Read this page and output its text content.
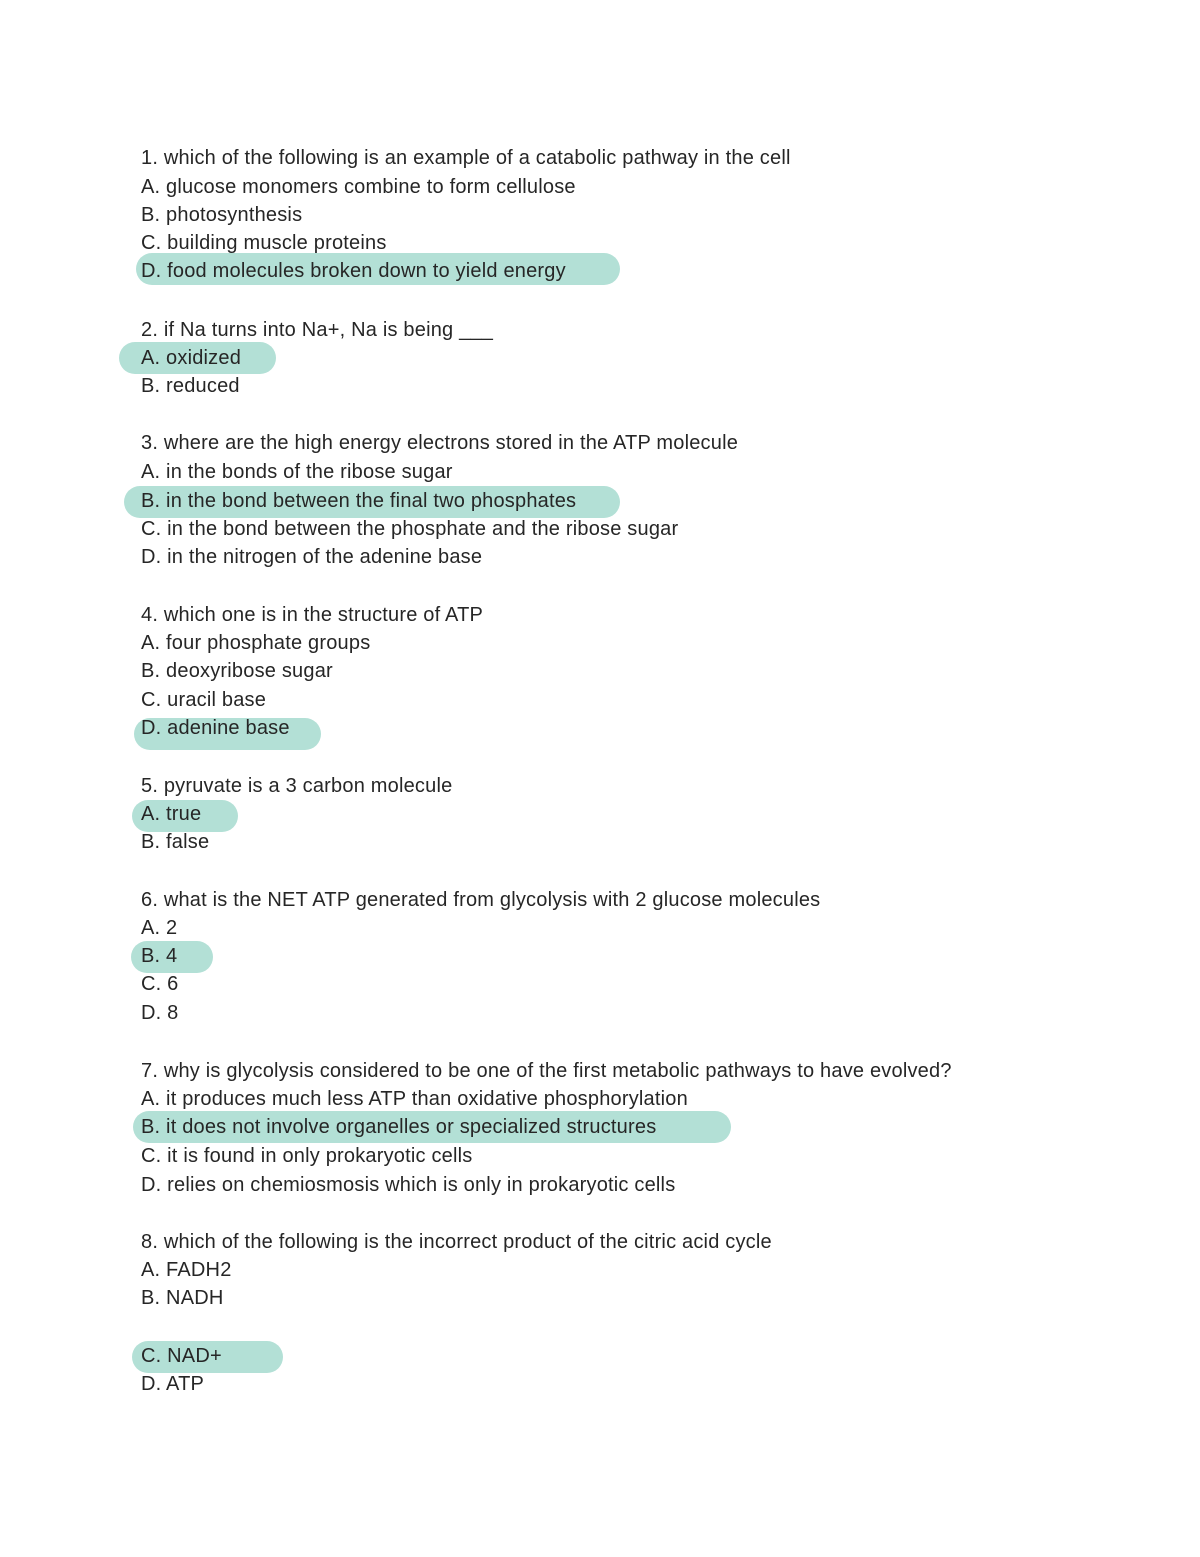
1. which of the following is an example of a catabolic pathway in the cell
A. glucose monomers combine to form cellulose
B. photosynthesis
C. building muscle proteins
D. food molecules broken down to yield energy
2. if Na turns into Na+, Na is being ___
A. oxidized
B. reduced
3. where are the high energy electrons stored in the ATP molecule
A. in the bonds of the ribose sugar
B. in the bond between the final two phosphates
C. in the bond between the phosphate and the ribose sugar
D. in the nitrogen of the adenine base
4. which one is in the structure of ATP
A. four phosphate groups
B. deoxyribose sugar
C. uracil base
D. adenine base
5. pyruvate is a 3 carbon molecule
A. true
B. false
6. what is the NET ATP generated from glycolysis with 2 glucose molecules
A. 2
B. 4
C. 6
D. 8
7. why is glycolysis considered to be one of the first metabolic pathways to have evolved?
A. it produces much less ATP than oxidative phosphorylation
B. it does not involve organelles or specialized structures
C. it is found in only prokaryotic cells
D. relies on chemiosmosis which is only in prokaryotic cells
8. which of the following is the incorrect product of the citric acid cycle
A. FADH2
B. NADH
C. NAD+
D. ATP
